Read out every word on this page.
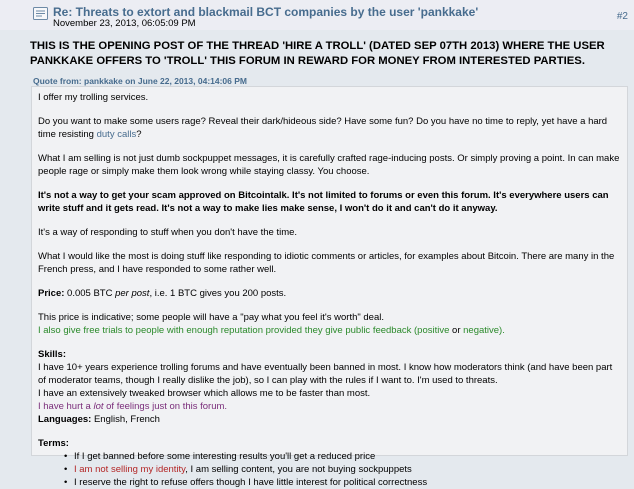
Re: Threats to extort and blackmail BCT companies by the user 'pankkake'
November 23, 2013, 06:05:09 PM
#2
THIS IS THE OPENING POST OF THE THREAD 'HIRE A TROLL' (DATED SEP 07TH 2013) WHERE THE USER PANKKAKE OFFERS TO 'TROLL' THIS FORUM IN REWARD FOR MONEY FROM INTERESTED PARTIES.
Quote from: pankkake on June 22, 2013, 04:14:06 PM

I offer my trolling services.

Do you want to make some users rage? Reveal their dark/hideous side? Have some fun? Do you have no time to reply, yet have a hard time resisting duty calls?

What I am selling is not just dumb sockpuppet messages, it is carefully crafted rage-inducing posts. Or simply proving a point. In can make people rage or simply make them look wrong while staying classy. You choose.

It's not a way to get your scam approved on Bitcointalk. It's not limited to forums or even this forum. It's everywhere users can write stuff and it gets read. It's not a way to make lies make sense, I won't do it and can't do it anyway.

It's a way of responding to stuff when you don't have the time.

What I would like the most is doing stuff like responding to idiotic comments or articles, for examples about Bitcoin. There are many in the French press, and I have responded to some rather well.

Price: 0.005 BTC per post, i.e. 1 BTC gives you 200 posts.

This price is indicative; some people will have a "pay what you feel it's worth" deal.

I also give free trials to people with enough reputation provided they give public feedback (positive or negative).

Skills:

I have 10+ years experience trolling forums and have eventually been banned in most. I know how moderators think (and have been part of moderator teams, though I really dislike the job), so I can play with the rules if I want to. I'm used to threats.

I have an extensively tweaked browser which allows me to be faster than most.

I have hurt a lot of feelings just on this forum.

Languages: English, French

Terms:

• If I get banned before some interesting results you'll get a reduced price
• I am not selling my identity, I am selling content, you are not buying sockpuppets
• I reserve the right to refuse offers though I have little interest for political correctness
